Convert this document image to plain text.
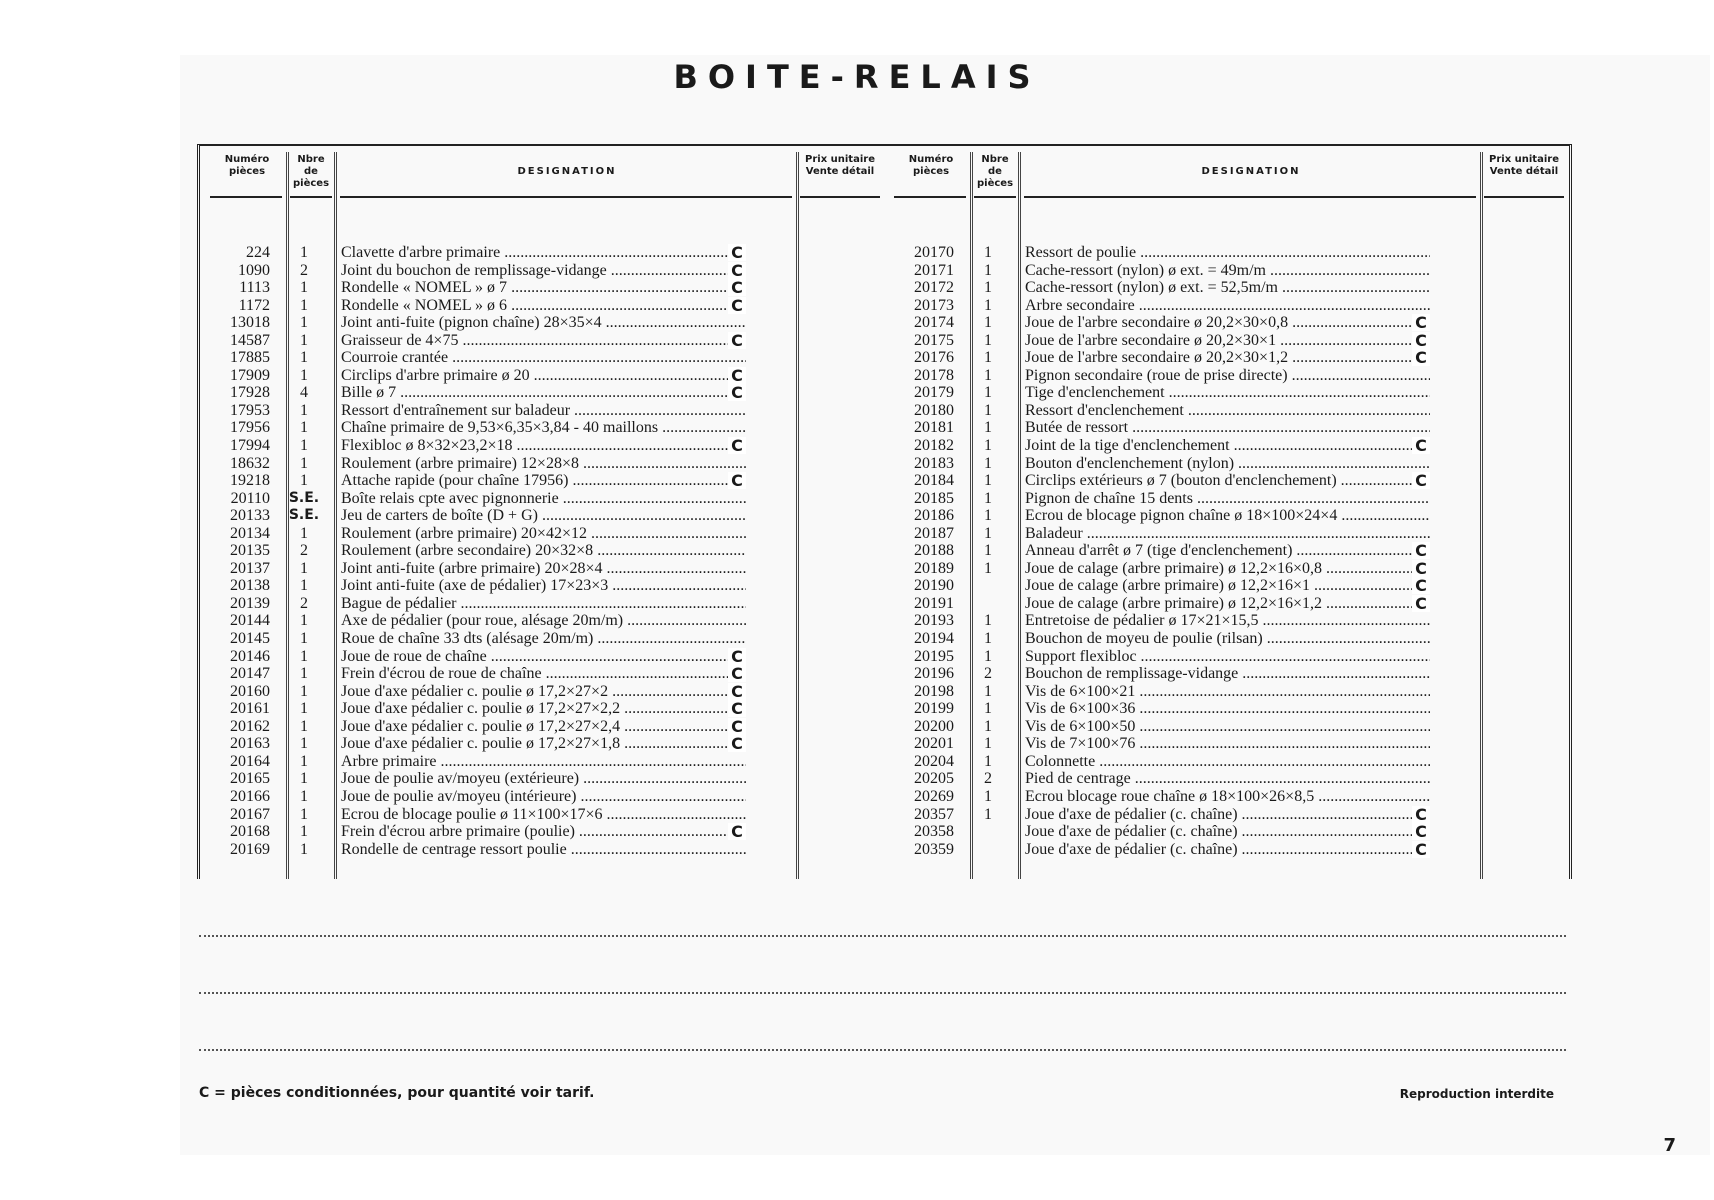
BOITE-RELAIS
Numéro pièces
Nbre de pièces
DESIGNATION
Prix unitaire Vente détail
224	1	Clavette d'arbre primaire .....	C
1090	2	Joint du bouchon de remplissage-vidange .....	C
1113	1	Rondelle « NOMEL » ø 7 .....	C
1172	1	Rondelle « NOMEL » ø 6 .....	C
13018	1	Joint anti-fuite (pignon chaîne) 28×35×4 .....
14587	1	Graisseur de 4×75 .....	C
17885	1	Courroie crantée .....
17909	1	Circlips d'arbre primaire ø 20 .....	C
17928	4	Bille ø 7 .....	C
17953	1	Ressort d'entraînement sur baladeur .....
17956	1	Chaîne primaire de 9,53×6,35×3,84 - 40 maillons .....
17994	1	Flexibloc ø 8×32×23,2×18 .....	C
18632	1	Roulement (arbre primaire) 12×28×8 .....
19218	1	Attache rapide (pour chaîne 17956) .....	C
20110	S.E.	Boîte relais cpte avec pignonnerie .....
20133	S.E.	Jeu de carters de boîte (D + G) .....
20134	1	Roulement (arbre primaire) 20×42×12 .....
20135	2	Roulement (arbre secondaire) 20×32×8 .....
20137	1	Joint anti-fuite (arbre primaire) 20×28×4 .....
20138	1	Joint anti-fuite (axe de pédalier) 17×23×3 .....
20139	2	Bague de pédalier .....
20144	1	Axe de pédalier (pour roue, alésage 20m/m) .....
20145	1	Roue de chaîne 33 dts (alésage 20m/m) .....
20146	1	Joue de roue de chaîne .....	C
20147	1	Frein d'écrou de roue de chaîne .....	C
20160	1	Joue d'axe pédalier c. poulie ø 17,2×27×2 .....	C
20161	1	Joue d'axe pédalier c. poulie ø 17,2×27×2,2 .....	C
20162	1	Joue d'axe pédalier c. poulie ø 17,2×27×2,4 .....	C
20163	1	Joue d'axe pédalier c. poulie ø 17,2×27×1,8 .....	C
20164	1	Arbre primaire .....
20165	1	Joue de poulie av/moyeu (extérieure) .....
20166	1	Joue de poulie av/moyeu (intérieure) .....
20167	1	Ecrou de blocage poulie ø 11×100×17×6 .....
20168	1	Frein d'écrou arbre primaire (poulie) .....	C
20169	1	Rondelle de centrage ressort poulie .....
Numéro pièces
Nbre de pièces
DESIGNATION
Prix unitaire Vente détail
20170	1	Ressort de poulie .....
20171	1	Cache-ressort (nylon) ø ext. = 49m/m .....
20172	1	Cache-ressort (nylon) ø ext. = 52,5m/m .....
20173	1	Arbre secondaire .....
20174	1	Joue de l'arbre secondaire ø 20,2×30×0,8 .....	C
20175	1	Joue de l'arbre secondaire ø 20,2×30×1 .....	C
20176	1	Joue de l'arbre secondaire ø 20,2×30×1,2 .....	C
20178	1	Pignon secondaire (roue de prise directe) .....
20179	1	Tige d'enclenchement .....
20180	1	Ressort d'enclenchement .....
20181	1	Butée de ressort .....
20182	1	Joint de la tige d'enclenchement .....	C
20183	1	Bouton d'enclenchement (nylon) .....
20184	1	Circlips extérieurs ø 7 (bouton d'enclenchement) .....	C
20185	1	Pignon de chaîne 15 dents .....
20186	1	Ecrou de blocage pignon chaîne ø 18×100×24×4 .....
20187	1	Baladeur .....
20188	1	Anneau d'arrêt ø 7 (tige d'enclenchement) .....	C
20189	1	Joue de calage (arbre primaire) ø 12,2×16×0,8 .....	C
20190	Joue de calage (arbre primaire) ø 12,2×16×1 .....	C
20191	Joue de calage (arbre primaire) ø 12,2×16×1,2 .....	C
20193	1	Entretoise de pédalier ø 17×21×15,5 .....
20194	1	Bouchon de moyeu de poulie (rilsan) .....
20195	1	Support flexibloc .....
20196	2	Bouchon de remplissage-vidange .....
20198	1	Vis de 6×100×21 .....
20199	1	Vis de 6×100×36 .....
20200	1	Vis de 6×100×50 .....
20201	1	Vis de 7×100×76 .....
20204	1	Colonnette .....
20205	2	Pied de centrage .....
20269	1	Ecrou blocage roue chaîne ø 18×100×26×8,5 .....
20357	1	Joue d'axe de pédalier (c. chaîne) .....	C
20358	Joue d'axe de pédalier (c. chaîne) .....	C
20359	Joue d'axe de pédalier (c. chaîne) .....	C
C = pièces conditionnées, pour quantité voir tarif.	Reproduction interdite
7
